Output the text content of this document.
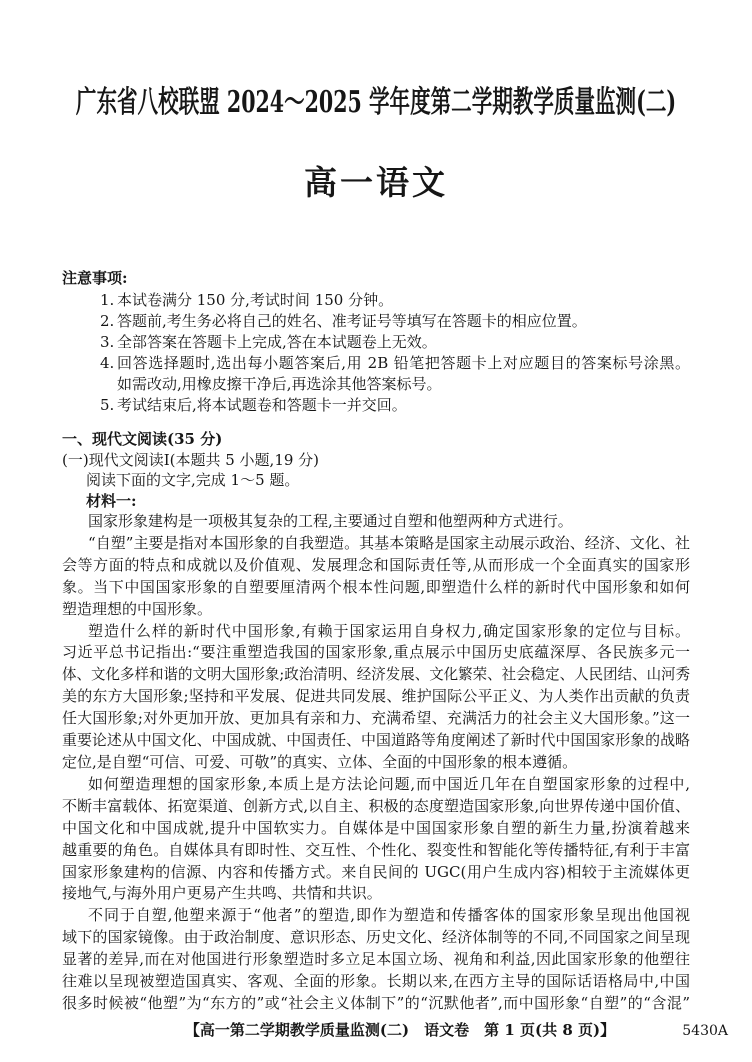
广东省八校联盟 2024～2025 学年度第二学期教学质量监测(二)
高一语文
注意事项:
1. 本试卷满分 150 分,考试时间 150 分钟。
2. 答题前,考生务必将自己的姓名、准考证号等填写在答题卡的相应位置。
3. 全部答案在答题卡上完成,答在本试题卷上无效。
4. 回答选择题时,选出每小题答案后,用 2B 铅笔把答题卡上对应题目的答案标号涂黑。
如需改动,用橡皮擦干净后,再选涂其他答案标号。
5. 考试结束后,将本试题卷和答题卡一并交回。
一、现代文阅读(35 分)
(一)现代文阅读Ⅰ(本题共 5 小题,19 分)
阅读下面的文字,完成 1～5 题。
材料一:
国家形象建构是一项极其复杂的工程,主要通过自塑和他塑两种方式进行。
“自塑”主要是指对本国形象的自我塑造。其基本策略是国家主动展示政治、经济、文化、社
会等方面的特点和成就以及价值观、发展理念和国际责任等,从而形成一个全面真实的国家形
象。当下中国国家形象的自塑要厘清两个根本性问题,即塑造什么样的新时代中国形象和如何
塑造理想的中国形象。
塑造什么样的新时代中国形象,有赖于国家运用自身权力,确定国家形象的定位与目标。
习近平总书记指出:“要注重塑造我国的国家形象,重点展示中国历史底蕴深厚、各民族多元一
体、文化多样和谐的文明大国形象;政治清明、经济发展、文化繁荣、社会稳定、人民团结、山河秀
美的东方大国形象;坚持和平发展、促进共同发展、维护国际公平正义、为人类作出贡献的负责
任大国形象;对外更加开放、更加具有亲和力、充满希望、充满活力的社会主义大国形象。”这一
重要论述从中国文化、中国成就、中国责任、中国道路等角度阐述了新时代中国国家形象的战略
定位,是自塑“可信、可爱、可敬”的真实、立体、全面的中国形象的根本遵循。
如何塑造理想的国家形象,本质上是方法论问题,而中国近几年在自塑国家形象的过程中,
不断丰富载体、拓宽渠道、创新方式,以自主、积极的态度塑造国家形象,向世界传递中国价值、
中国文化和中国成就,提升中国软实力。自媒体是中国国家形象自塑的新生力量,扮演着越来
越重要的角色。自媒体具有即时性、交互性、个性化、裂变性和智能化等传播特征,有利于丰富
国家形象建构的信源、内容和传播方式。来自民间的 UGC(用户生成内容)相较于主流媒体更
接地气,与海外用户更易产生共鸣、共情和共识。
不同于自塑,他塑来源于“他者”的塑造,即作为塑造和传播客体的国家形象呈现出他国视
域下的国家镜像。由于政治制度、意识形态、历史文化、经济体制等的不同,不同国家之间呈现
显著的差异,而在对他国进行形象塑造时多立足本国立场、视角和利益,因此国家形象的他塑往
往难以呈现被塑造国真实、客观、全面的形象。长期以来,在西方主导的国际话语格局中,中国
很多时候被“他塑”为“东方的”或“社会主义体制下”的“沉默他者”,而中国形象“自塑”的“含混”
【高一第二学期教学质量监测(二)　语文卷　第 1 页(共 8 页)】	5430A
